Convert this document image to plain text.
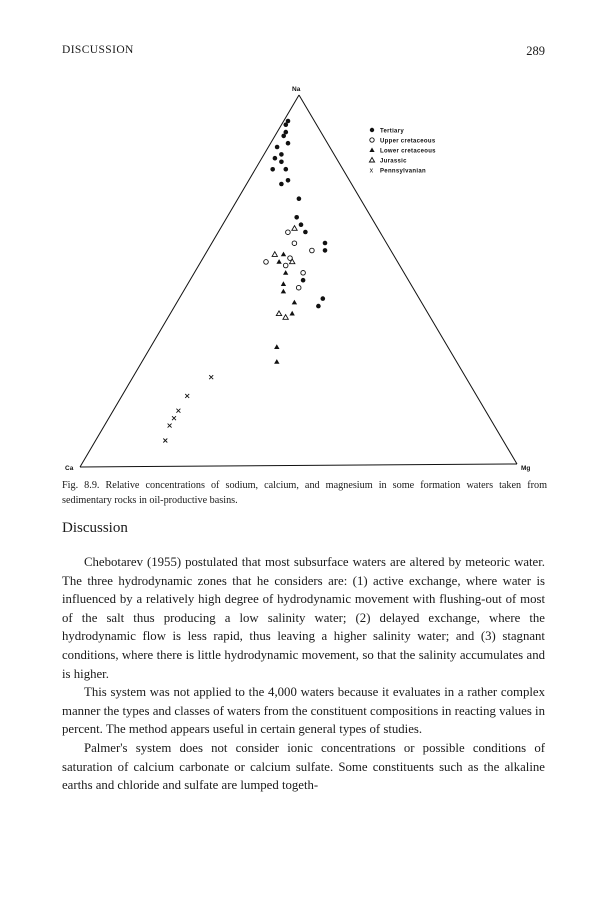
DISCUSSION	289
Na
Ca	Mg
Tertiary
Upper cretaceous
Lower cretaceous
Jurassic
x Pennsylvanian
Fig. 8.9. Relative concentrations of sodium, calcium, and magnesium in some formation waters taken from sedimentary rocks in oil-productive basins.
Discussion

Chebotarev (1955) postulated that most subsurface waters are altered by meteoric water. The three hydrodynamic zones that he considers are: (1) active exchange, where water is influenced by a relatively high degree of hydrodynamic movement with flushing-out of most of the salt thus producing a low salinity water; (2) delayed exchange, where the hydrodynamic flow is less rapid, thus leaving a higher salinity water; and (3) stagnant conditions, where there is little hydrodynamic movement, so that the salinity accumulates and is higher.

This system was not applied to the 4,000 waters because it evaluates in a rather complex manner the types and classes of waters from the constituent compositions in reacting values in percent. The method appears useful in certain general types of studies.

Palmer's system does not consider ionic concentrations or possible conditions of saturation of calcium carbonate or calcium sulfate. Some constituents such as the alkaline earths and chloride and sulfate are lumped togeth-
